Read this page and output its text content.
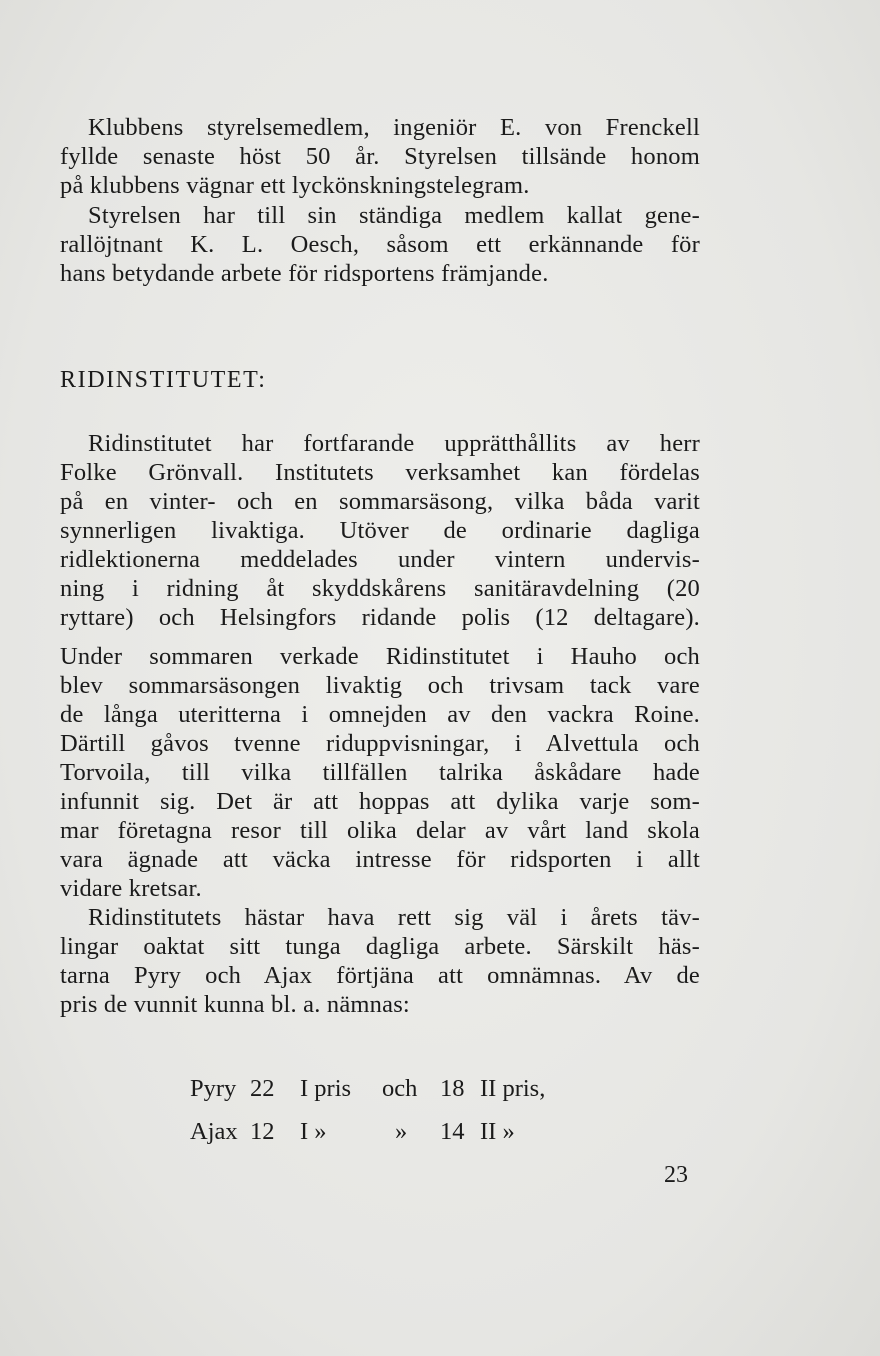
Klubbens styrelsemedlem, ingeniör E. von Frenckell
fyllde senaste höst 50 år. Styrelsen tillsände honom
på klubbens vägnar ett lyckönskningstelegram.
Styrelsen har till sin ständiga medlem kallat gene-
rallöjtnant K. L. Oesch, såsom ett erkännande för
hans betydande arbete för ridsportens främjande.
RIDINSTITUTET:
Ridinstitutet har fortfarande upprätthållits av herr
Folke Grönvall. Institutets verksamhet kan fördelas
på en vinter- och en sommarsäsong, vilka båda varit
synnerligen livaktiga. Utöver de ordinarie dagliga
ridlektionerna meddelades under vintern undervis-
ning i ridning åt skyddskårens sanitäravdelning (20
ryttare) och Helsingfors ridande polis (12 deltagare).
Under sommaren verkade Ridinstitutet i Hauho och
blev sommarsäsongen livaktig och trivsam tack vare
de långa uteritterna i omnejden av den vackra Roine.
Därtill gåvos tvenne riduppvisningar, i Alvettula och
Torvoila, till vilka tillfällen talrika åskådare hade
infunnit sig. Det är att hoppas att dylika varje som-
mar företagna resor till olika delar av vårt land skola
vara ägnade att väcka intresse för ridsporten i allt
vidare kretsar.
Ridinstitutets hästar hava rett sig väl i årets täv-
lingar oaktat sitt tunga dagliga arbete. Särskilt häs-
tarna Pyry och Ajax förtjäna att omnämnas. Av de
pris de vunnit kunna bl. a. nämnas:
Pyry 22 I pris och 18 II pris,
Ajax 12 I »	» 14 II »
23
